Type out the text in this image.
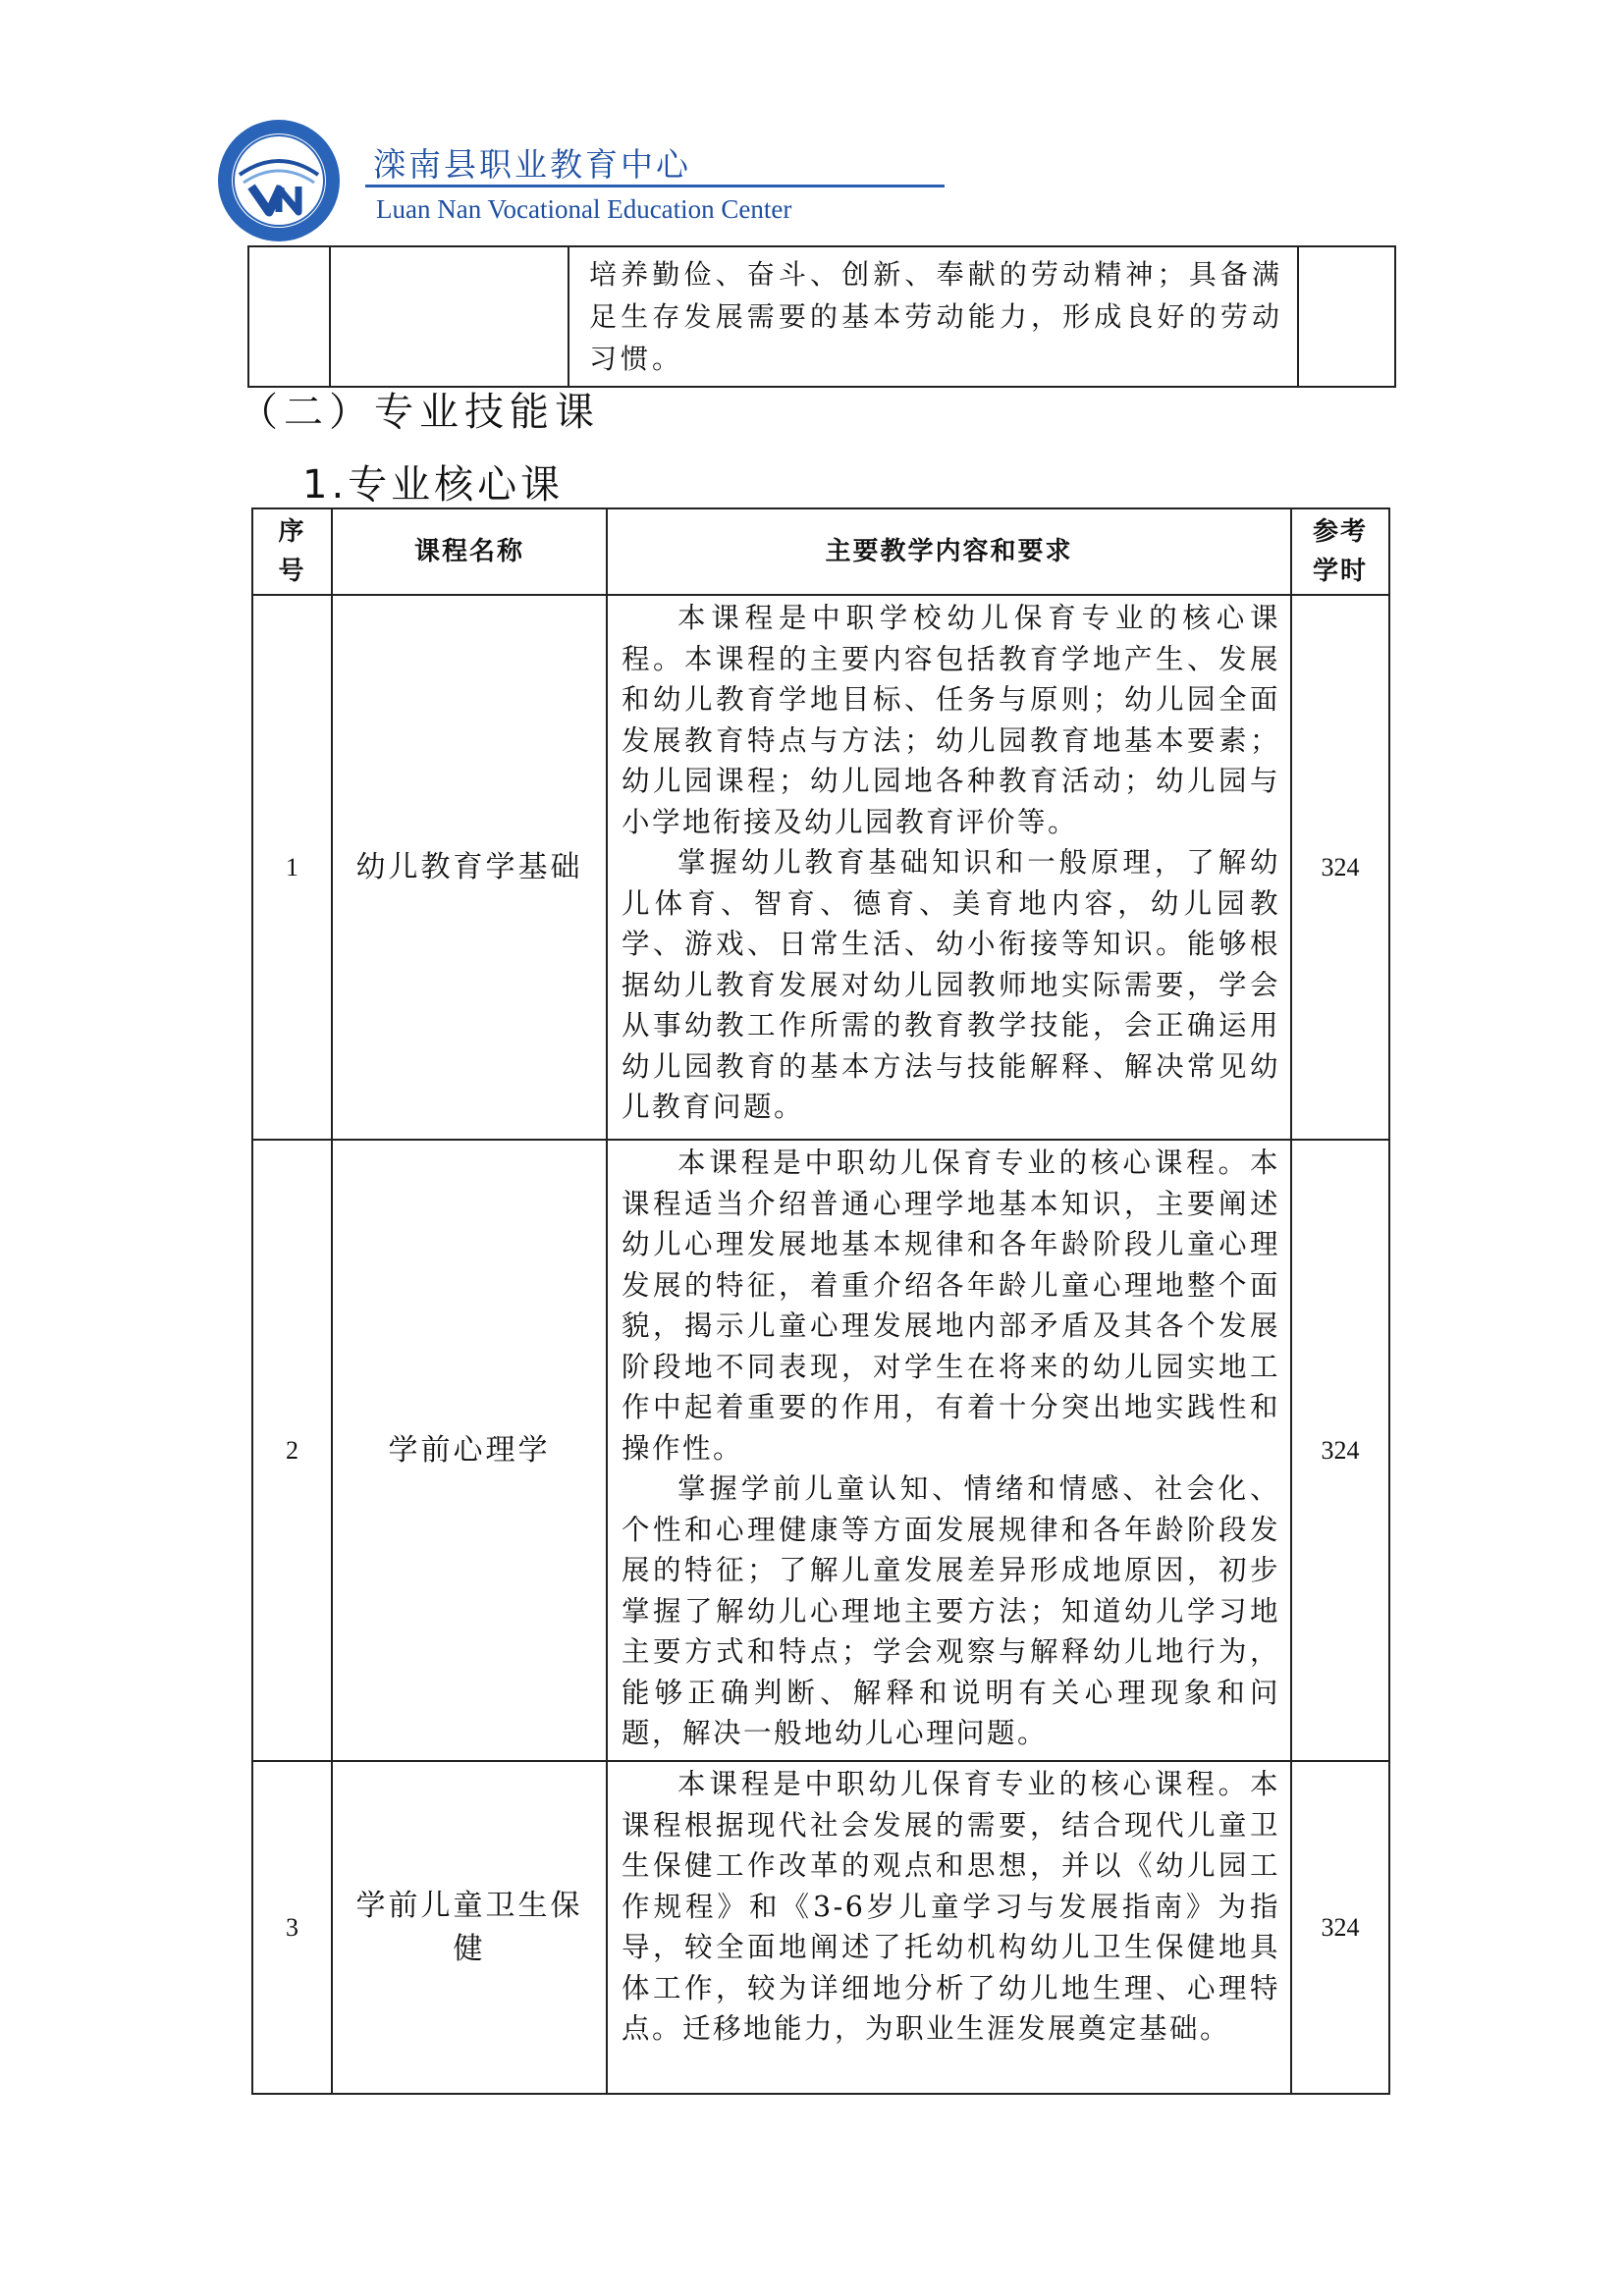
滦南县职业教育中心
Luan Nan Vocational Education Center
		培养勤俭、奋斗、创新、奉献的劳动精神；具备满足生存发展需要的基本劳动能力，形成良好的劳动习惯。	
（二）专业技能课
1.专业核心课
序号	课程名称	主要教学内容和要求	参考学时
1	幼儿教育学基础	本课程是中职学校幼儿保育专业的核心课程。本课程的主要内容包括教育学地产生、发展和幼儿教育学地目标、任务与原则；幼儿园全面发展教育特点与方法；幼儿园教育地基本要素；幼儿园课程；幼儿园地各种教育活动；幼儿园与小学地衔接及幼儿园教育评价等。

掌握幼儿教育基础知识和一般原理，了解幼儿体育、智育、德育、美育地内容，幼儿园教学、游戏、日常生活、幼小衔接等知识。能够根据幼儿教育发展对幼儿园教师地实际需要，学会从事幼教工作所需的教育教学技能，会正确运用幼儿园教育的基本方法与技能解释、解决常见幼儿教育问题。	324
2	学前心理学	本课程是中职幼儿保育专业的核心课程。本课程适当介绍普通心理学地基本知识，主要阐述幼儿心理发展地基本规律和各年龄阶段儿童心理发展的特征，着重介绍各年龄儿童心理地整个面貌，揭示儿童心理发展地内部矛盾及其各个发展阶段地不同表现，对学生在将来的幼儿园实地工作中起着重要的作用，有着十分突出地实践性和操作性。

掌握学前儿童认知、情绪和情感、社会化、个性和心理健康等方面发展规律和各年龄阶段发展的特征；了解儿童发展差异形成地原因，初步掌握了解幼儿心理地主要方法；知道幼儿学习地主要方式和特点；学会观察与解释幼儿地行为，能够正确判断、解释和说明有关心理现象和问题，解决一般地幼儿心理问题。	324
3	学前儿童卫生保健	本课程是中职幼儿保育专业的核心课程。本课程根据现代社会发展的需要，结合现代儿童卫生保健工作改革的观点和思想，并以《幼儿园工作规程》和《3-6岁儿童学习与发展指南》为指导，较全面地阐述了托幼机构幼儿卫生保健地具体工作，较为详细地分析了幼儿地生理、心理特点。迁移地能力，为职业生涯发展奠定基础。	324
